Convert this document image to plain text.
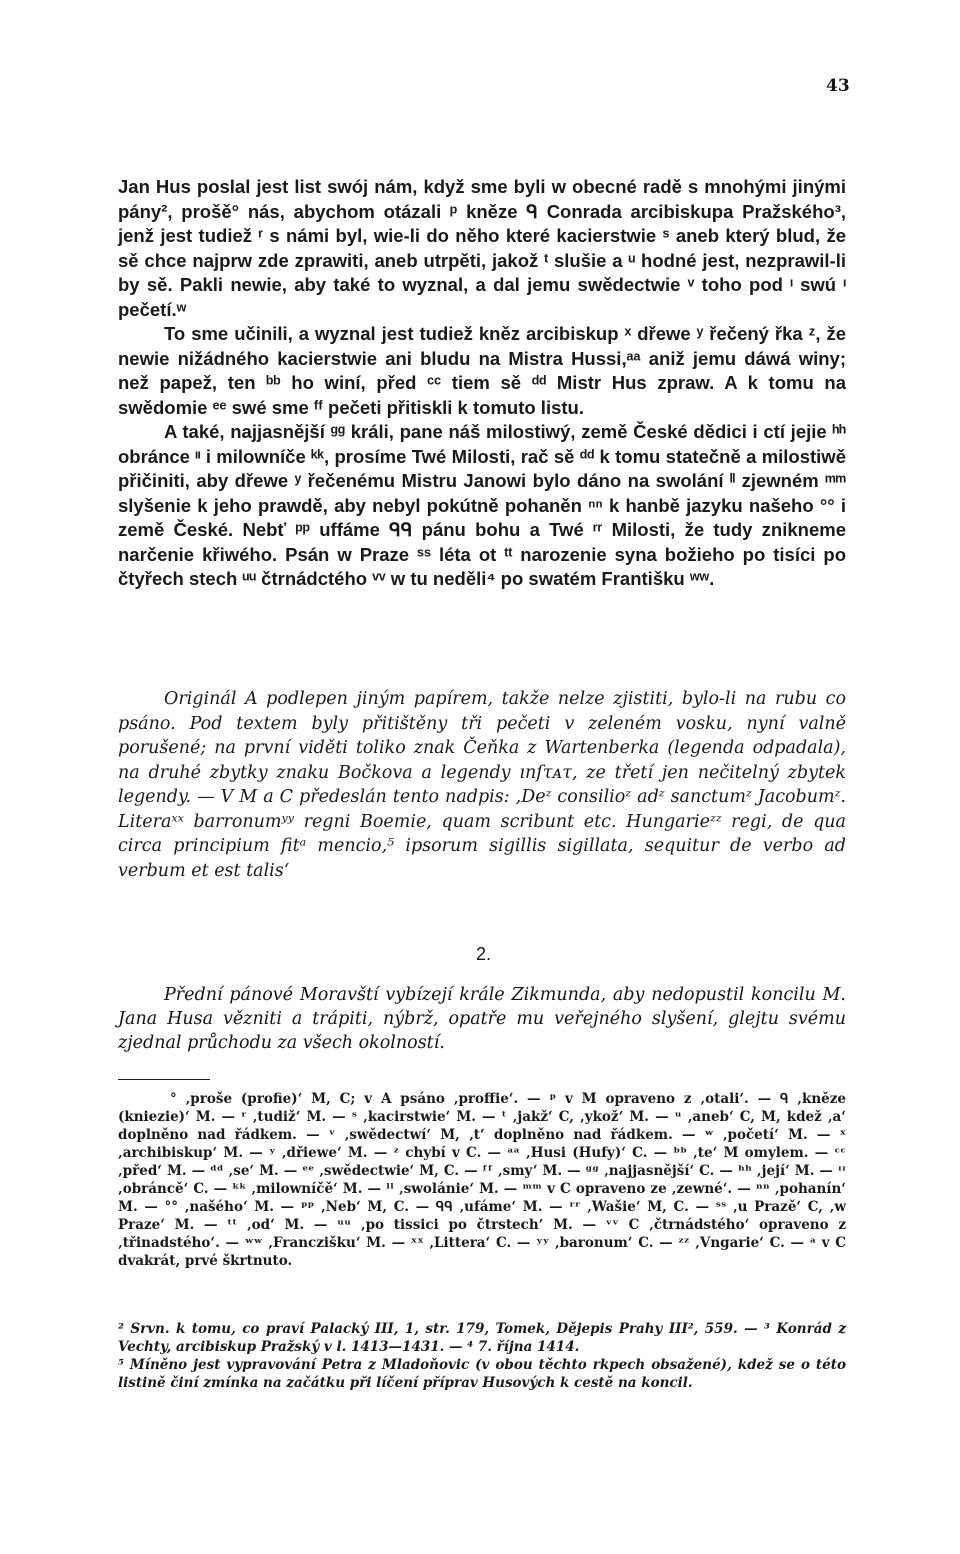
43

Jan Hus poslal jest list swój nám, když sme byli w obecné radě s mnohými jinými pány², prošě° nás, abychom otázali ᵖ kněze ᑫ Conrada arcibiskupa Pražského³, jenž jest tudiež ʳ s námi byl, wie-li do něho které kacierstwie ˢ aneb který blud, že sě chce najprw zde zprawiti, aneb utrpěti, jakož ᵗ slušie a ᵘ hodné jest, nezprawil-li by sě. Pakli newie, aby také to wyznal, a dal jemu swědectwie ᵛ toho pod ᶦ swú ᶦ pečetí.ʷ

To sme učinili, a wyznal jest tudiež kněz arcibiskup ˣ dřewe ʸ řečený řka ᶻ, že newie nižádného kacierstwie ani bludu na Mistra Hussi,ᵃᵃ aniž jemu dáwá winy; než papež, ten ᵇᵇ ho winí, před ᶜᶜ tiem sě ᵈᵈ Mistr Hus zpraw. A k tomu na swědomie ᵉᵉ swé sme ᶠᶠ pečeti přitiskli k tomuto listu.

A také, najjasnější ᵍᵍ králi, pane náš milostiwý, země České dědici i ctí jejie ʰʰ obránce ᶦᶦ i milowníče ᵏᵏ, prosíme Twé Milosti, rač sě ᵈᵈ k tomu statečně a milostiwě přičiniti, aby dřewe ʸ řečenému Mistru Janowi bylo dáno na swolání ˡˡ zjewném ᵐᵐ slyšenie k jeho prawdě, aby nebyl pokútně pohaněn ⁿⁿ k hanbě jazyku našeho °° i země České. Nebť ᵖᵖ uffáme ᑫᑫ pánu bohu a Twé ʳʳ Milosti, že tudy znikneme narčenie křiwého. Psán w Praze ˢˢ léta ot ᵗᵗ narozenie syna božieho po tisíci po čtyřech stech ᵘᵘ čtrnádctého ᵛᵛ w tu neděli⁴ po swatém Františku ʷʷ.

Originál A podlepen jiným papírem, takže nelze zjistiti, bylo-li na rubu co psáno. Pod textem byly přitištěny tři pečeti v zeleném vosku, nyní valně porušené; na první viděti toliko znak Čeňka z Wartenberka (legenda odpadala), na druhé zbytky znaku Bočkova a legendy ınſτᴀτ, ze třetí jen nečitelný zbytek legendy. — V M a C předeslán tento nadpis: ,Deᶻ consilioᶻ adᶻ sanctumᶻ Jacobumᶻ. Literaˣˣ barronumʸʸ regni Boemie, quam scribunt etc. Hungarieᶻᶻ regi, de qua circa principium fitᵃ mencio,⁵ ipsorum sigillis sigillata, sequitur de verbo ad verbum et est talis‘

2.
Přední pánové Moravští vybízejí krále Zikmunda, aby nedopustil koncilu M. Jana Husa vězniti a trápiti, nýbrž, opatře mu veřejného slyšení, glejtu svému zjednal průchodu za všech okolností.

° ‚proše (profie)‘ M, C; v A psáno ‚proffie‘. — ᵖ v M opraveno z ‚otali‘. — ᑫ ‚kněze (kniezie)‘ M. — ʳ ‚tudiž‘ M. — ˢ ‚kacirstwie‘ M. — ᵗ ‚jakž‘ C, ‚ykož‘ M. — ᵘ ‚aneb‘ C, M, kdež ‚a‘ doplněno nad řádkem. — ᵛ ‚swědectwí‘ M, ‚t‘ doplněno nad řádkem. — ʷ ‚početí‘ M. — ˣ ‚archibiskup‘ M. — ʸ ‚dřiewe‘ M. — ᶻ chybí v C. — ᵃᵃ ‚Husi (Hufy)‘ C. — ᵇᵇ ‚te‘ M omylem. — ᶜᶜ ‚před‘ M. — ᵈᵈ ‚se‘ M. — ᵉᵉ ‚swědectwie‘ M, C. — ᶠᶠ ‚smy‘ M. — ᵍᵍ ‚najjasnější‘ C. — ʰʰ ‚její‘ M. — ᶦᶦ ‚obráncě‘ C. — ᵏᵏ ‚milowníčě‘ M. — ˡˡ ‚swolánie‘ M. — ᵐᵐ v C opraveno ze ‚zewné‘. — ⁿⁿ ‚pohanín‘ M. — °° ‚našého‘ M. — ᵖᵖ ‚Neb‘ M, C. — ᑫᑫ ‚ufáme‘ M. — ʳʳ ‚Wašie‘ M, C. — ˢˢ ‚u Prazě‘ C, ‚w Praze‘ M. — ᵗᵗ ‚od‘ M. — ᵘᵘ ‚po tissici po čtrstech‘ M. — ᵛᵛ C ‚čtrnádstého‘ opraveno z ‚třinadstého‘. — ʷʷ ‚Franczišku‘ M. — ˣˣ ‚Littera‘ C. — ʸʸ ‚baronum‘ C. — ᶻᶻ ‚Vngarie‘ C. — ᵃ v C dvakrát, prvé škrtnuto.

² Srvn. k tomu, co praví Palacký III, 1, str. 179, Tomek, Dějepis Prahy III², 559. — ³ Konrád z Vechty, arcibiskup Pražský v l. 1413—1431. — ⁴ 7. října 1414.

⁵ Míněno jest vypravování Petra z Mladoňovic (v obou těchto rkpech obsažené), kdež se o této listině činí zmínka na začátku při líčení příprav Husových k cestě na koncil.
